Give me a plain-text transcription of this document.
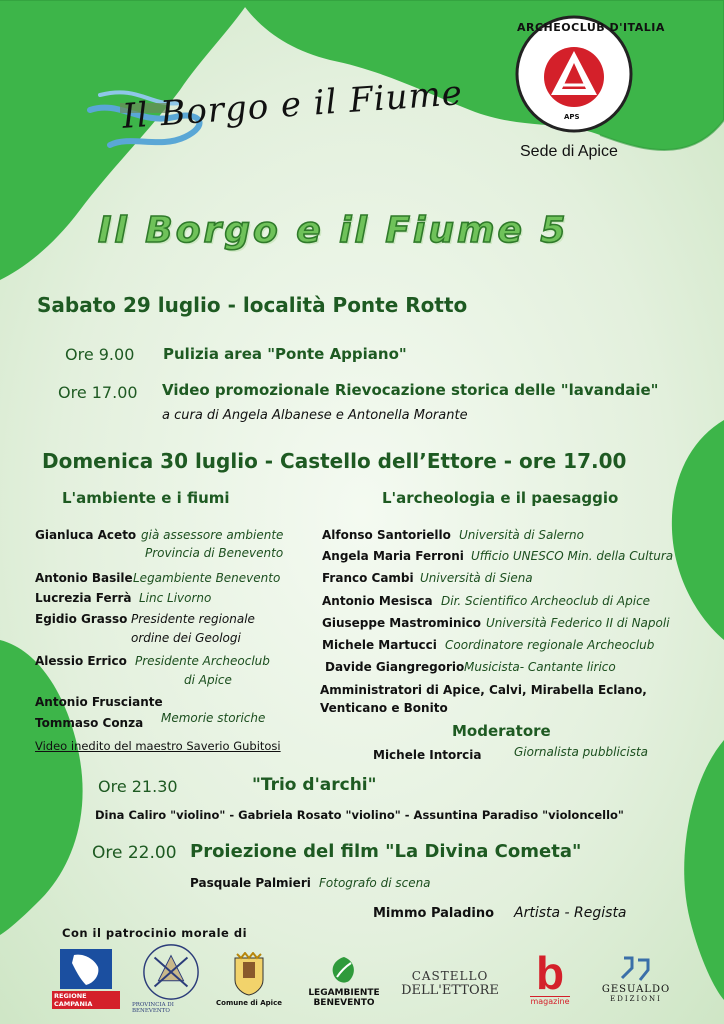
Il Borgo e il Fiume
ARCHEOCLUB D'ITALIA
APS
Sede di Apice
Il Borgo e il Fiume 5
Sabato 29 luglio - località Ponte Rotto
Ore 9.00 Pulizia area "Ponte Appiano"
Ore 17.00 Video promozionale Rievocazione storica delle "lavandaie"
a cura di Angela Albanese e Antonella Morante
Domenica 30 luglio - Castello dell’Ettore - ore 17.00
L'ambiente e i fiumi	L'archeologia e il paesaggio
Gianluca Aceto già assessore ambiente
Provincia di Benevento
Antonio Basile Legambiente Benevento
Lucrezia Ferrà Linc Livorno
Egidio Grasso Presidente regionale
ordine dei Geologi
Alessio Errico Presidente Archeoclub
di Apice
Antonio Frusciante
Tommaso Conza Memorie storiche
Video inedito del maestro Saverio Gubitosi
Alfonso Santoriello Università di Salerno
Angela Maria Ferroni Ufficio UNESCO Min. della Cultura
Franco Cambi Università di Siena
Antonio Mesisca Dir. Scientifico Archeoclub di Apice
Giuseppe Mastrominico Università Federico II di Napoli
Michele Martucci Coordinatore regionale Archeoclub
Davide Giangregorio Musicista- Cantante lirico
Amministratori di Apice, Calvi, Mirabella Eclano,
Venticano e Bonito
Moderatore
Michele Intorcia	Giornalista pubblicista
Ore 21.30	"Trio d'archi"
Dina Caliro "violino" - Gabriela Rosato "violino" - Assuntina Paradiso "violoncello"
Ore 22.00 Proiezione del film "La Divina Cometa"
Pasquale Palmieri Fotografo di scena
Mimmo Paladino Artista - Regista
Con il patrocinio morale di
REGIONE CAMPANIA	PROVINCIA DI BENEVENTO
Comune di Apice
LEGAMBIENTE
BENEVENTO
CASTELLO
DELL'ETTORE b
magazine
GESUALDO
EDIZIONI
